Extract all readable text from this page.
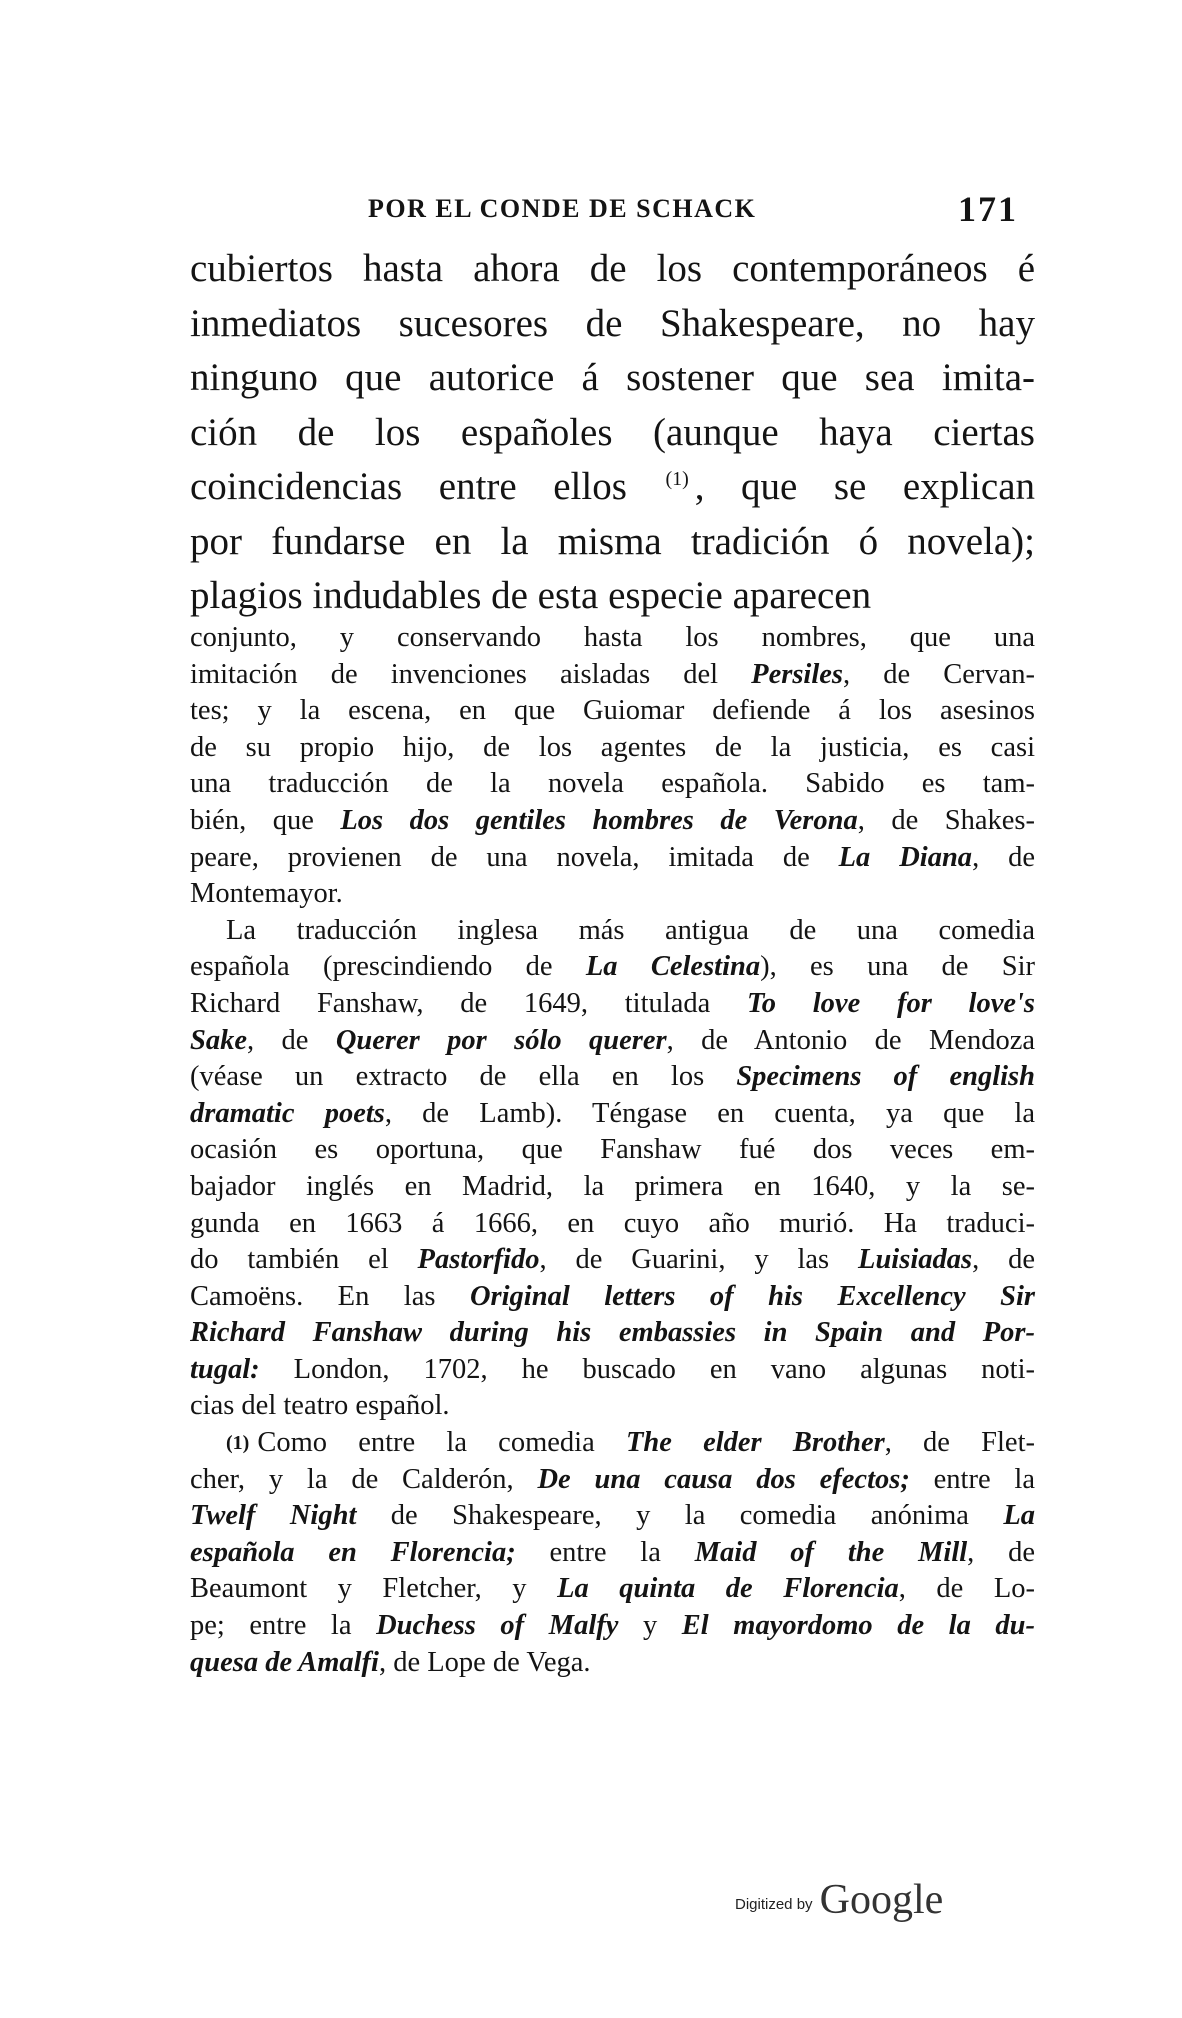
POR EL CONDE DE SCHACK	171
cubiertos hasta ahora de los contemporáneos é
inmediatos sucesores de Shakespeare, no hay
ninguno que autorice á sostener que sea imita-
ción de los españoles (aunque haya ciertas
coincidencias entre ellos $^{(1)}$ , que se explican
por fundarse en la misma tradición ó novela);
plagios indudables de esta especie aparecen
conjunto, y conservando hasta los nombres, que una
imitación de invenciones aisladas del Persiles, de Cervan-
tes; y la escena, en que Guiomar defiende á los asesinos
de su propio hijo, de los agentes de la justicia, es casi
una traducción de la novela española. Sabido es tam-
bién, que Los dos gentiles hombres de Verona, de Shakes-
peare, provienen de una novela, imitada de La Diana, de
Montemayor.
La traducción inglesa más antigua de una comedia
española (prescindiendo de La Celestina), es una de Sir
Richard Fanshaw, de 1649, titulada To love for love's
Sake, de Querer por sólo querer, de Antonio de Mendoza
(véase un extracto de ella en los Specimens of english
dramatic poets, de Lamb). Téngase en cuenta, ya que la
ocasión es oportuna, que Fanshaw fué dos veces em-
bajador inglés en Madrid, la primera en 1640, y la se-
gunda en 1663 á 1666, en cuyo año murió. Ha traduci-
do también el Pastorfido, de Guarini, y las Luisiadas, de
Camoëns. En las Original letters of his Excellency Sir
Richard Fanshaw during his embassies in Spain and Por-
tugal: London, 1702, he buscado en vano algunas noti-
cias del teatro español.
(1) Como entre la comedia The elder Brother, de Flet-
cher, y la de Calderón, De una causa dos efectos; entre la
Twelf Night de Shakespeare, y la comedia anónima La
española en Florencia; entre la Maid of the Mill, de
Beaumont y Fletcher, y La quinta de Florencia, de Lo-
pe; entre la Duchess of Malfy y El mayordomo de la du-
quesa de Amalfi, de Lope de Vega.
Digitized by Google
